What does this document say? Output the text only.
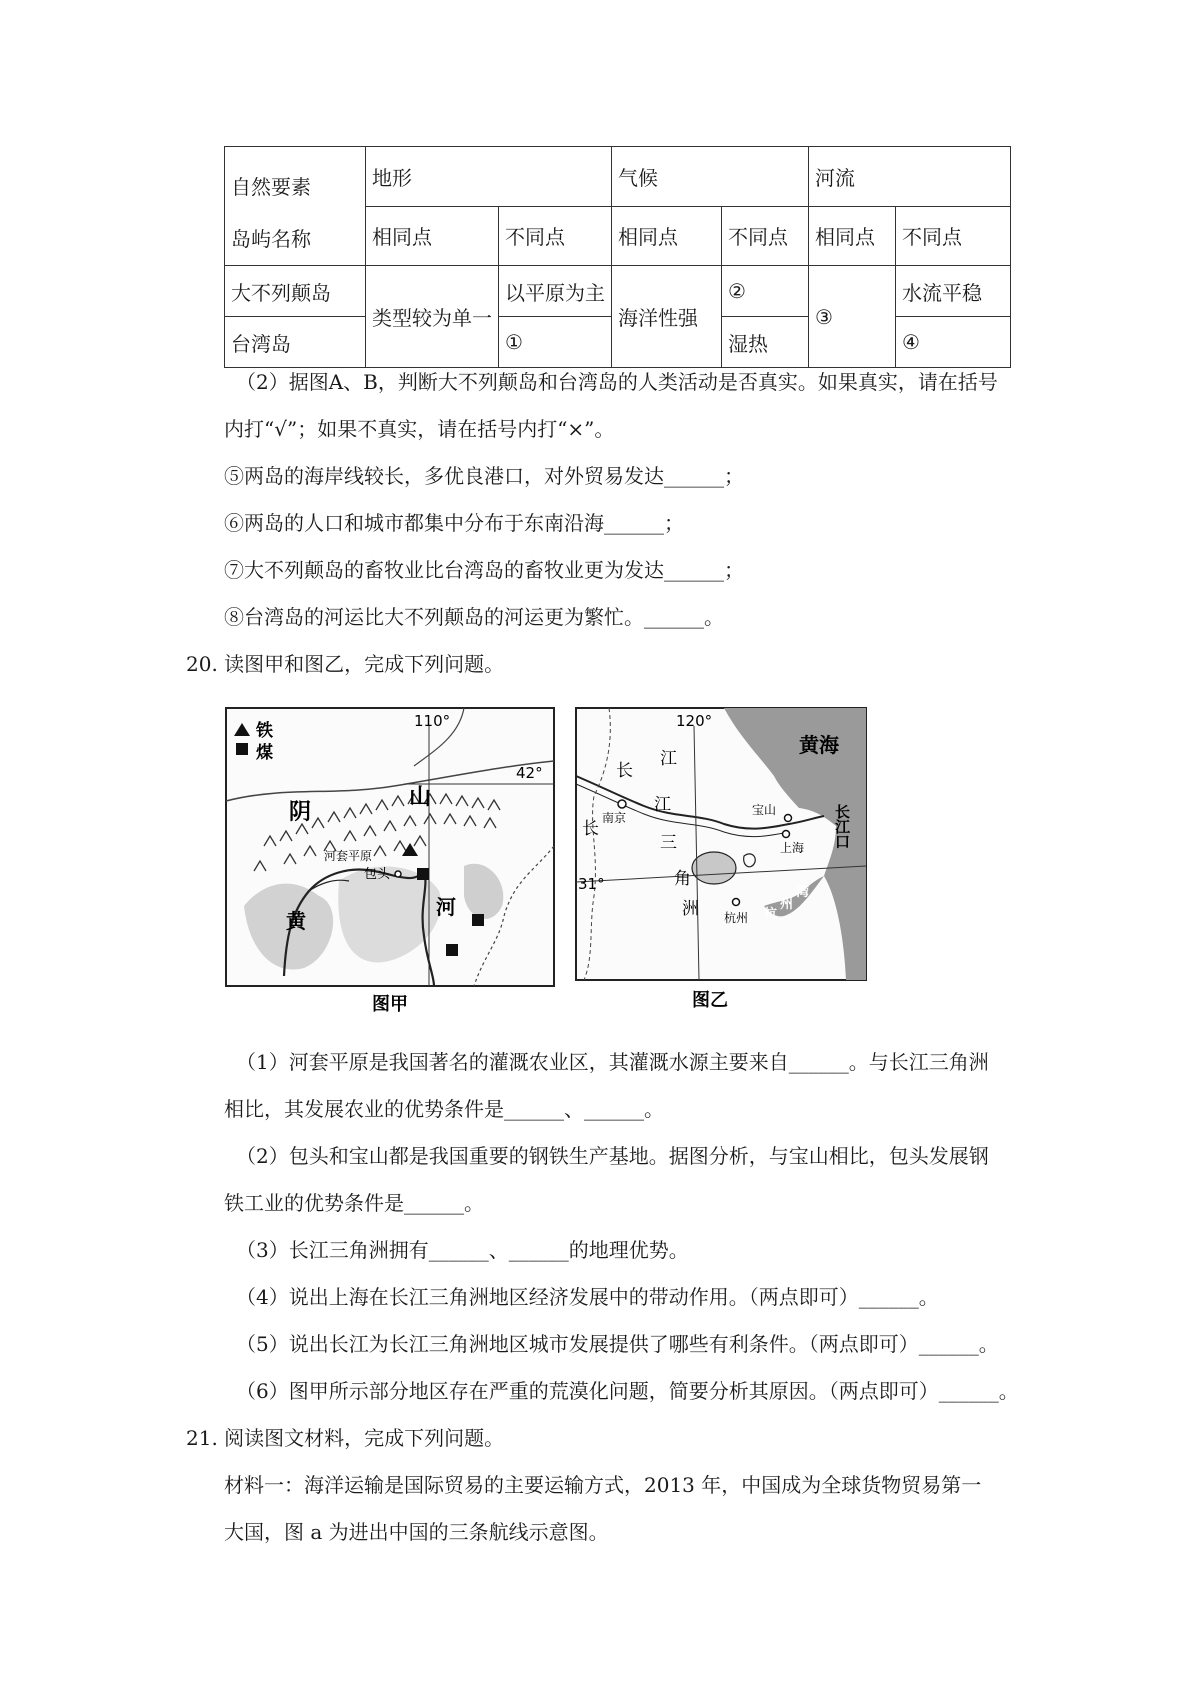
自然要素
岛屿名称	地形		气候		河流	
	相同点	不同点	相同点	不同点	相同点	不同点
大不列颠岛	类型较为单一	以平原为主	海洋性强	②	③	水流平稳
台湾岛		①		湿热		④
（2）据图A、B，判断大不列颠岛和台湾岛的人类活动是否真实。如果真实，请在括号
内打“√”；如果不真实，请在括号内打“×”。
⑤两岛的海岸线较长，多优良港口，对外贸易发达______；
⑥两岛的人口和城市都集中分布于东南沿海______；
⑦大不列颠岛的畜牧业比台湾岛的畜牧业更为发达______；
⑧台湾岛的河运比大不列颠岛的河运更为繁忙。______。
20. 读图甲和图乙，完成下列问题。
铁
煤
110°
42°
阴
山
河套平原
包头
河
黄
图甲
120°
31°
黄海
长
江
长
江
三
角
洲
南京
宝山
上海
杭州
长江口
杭
州
湾
图乙
（1）河套平原是我国著名的灌溉农业区，其灌溉水源主要来自______。与长江三角洲
相比，其发展农业的优势条件是______、______。
（2）包头和宝山都是我国重要的钢铁生产基地。据图分析，与宝山相比，包头发展钢
铁工业的优势条件是______。
（3）长江三角洲拥有______、______的地理优势。
（4）说出上海在长江三角洲地区经济发展中的带动作用。（两点即可）______。
（5）说出长江为长江三角洲地区城市发展提供了哪些有利条件。（两点即可）______。
（6）图甲所示部分地区存在严重的荒漠化问题，简要分析其原因。（两点即可）______。
21. 阅读图文材料，完成下列问题。
材料一：海洋运输是国际贸易的主要运输方式，2013 年，中国成为全球货物贸易第一
大国，图 a 为进出中国的三条航线示意图。
